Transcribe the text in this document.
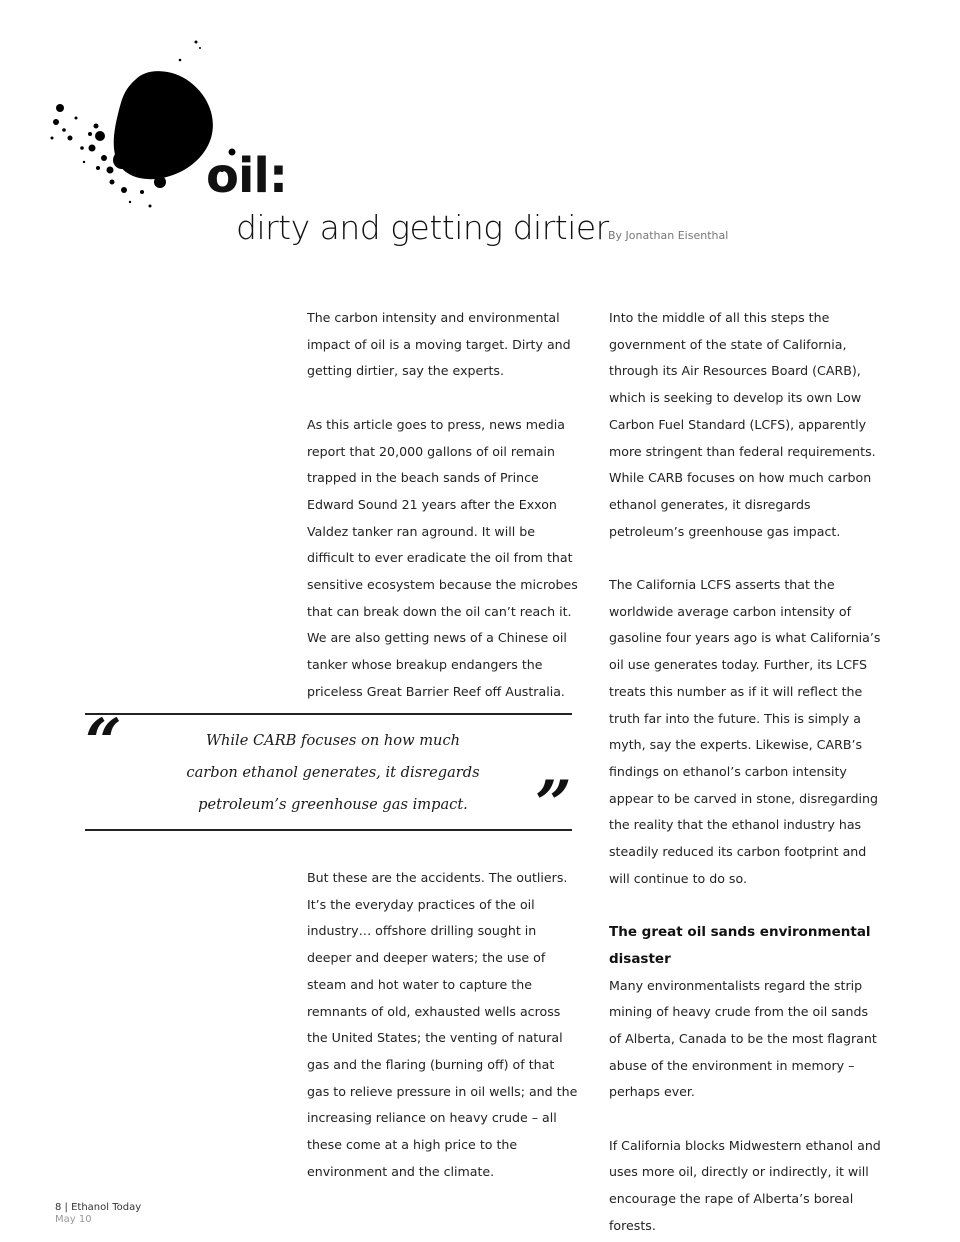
oil:
dirty and getting dirtier By Jonathan Eisenthal

The carbon intensity and environmental impact of oil is a moving target. Dirty and getting dirtier, say the experts.

As this article goes to press, news media report that 20,000 gallons of oil remain trapped in the beach sands of Prince Edward Sound 21 years after the Exxon Valdez tanker ran aground. It will be difficult to ever eradicate the oil from that sensitive ecosystem because the microbes that can break down the oil can’t reach it. We are also getting news of a Chinese oil tanker whose breakup endangers the priceless Great Barrier Reef off Australia.

“	While CARB focuses on how much carbon ethanol generates, it disregards petroleum’s greenhouse gas impact. ”

But these are the accidents. The outliers. It’s the everyday practices of the oil industry… offshore drilling sought in deeper and deeper waters; the use of steam and hot water to capture the remnants of old, exhausted wells across the United States; the venting of natural gas and the flaring (burning off) of that gas to relieve pressure in oil wells; and the increasing reliance on heavy crude – all these come at a high price to the environment and the climate.

Into the middle of all this steps the government of the state of California, through its Air Resources Board (CARB), which is seeking to develop its own Low Carbon Fuel Standard (LCFS), apparently more stringent than federal requirements. While CARB focuses on how much carbon ethanol generates, it disregards petroleum’s greenhouse gas impact.

The California LCFS asserts that the worldwide average carbon intensity of gasoline four years ago is what California’s oil use generates today. Further, its LCFS treats this number as if it will reflect the truth far into the future. This is simply a myth, say the experts. Likewise, CARB’s findings on ethanol’s carbon intensity appear to be carved in stone, disregarding the reality that the ethanol industry has steadily reduced its carbon footprint and will continue to do so.

The great oil sands environmental disaster

Many environmentalists regard the strip mining of heavy crude from the oil sands of Alberta, Canada to be the most flagrant abuse of the environment in memory – perhaps ever.

If California blocks Midwestern ethanol and uses more oil, directly or indirectly, it will encourage the rape of Alberta’s boreal forests.

8 | Ethanol Today
May 10
